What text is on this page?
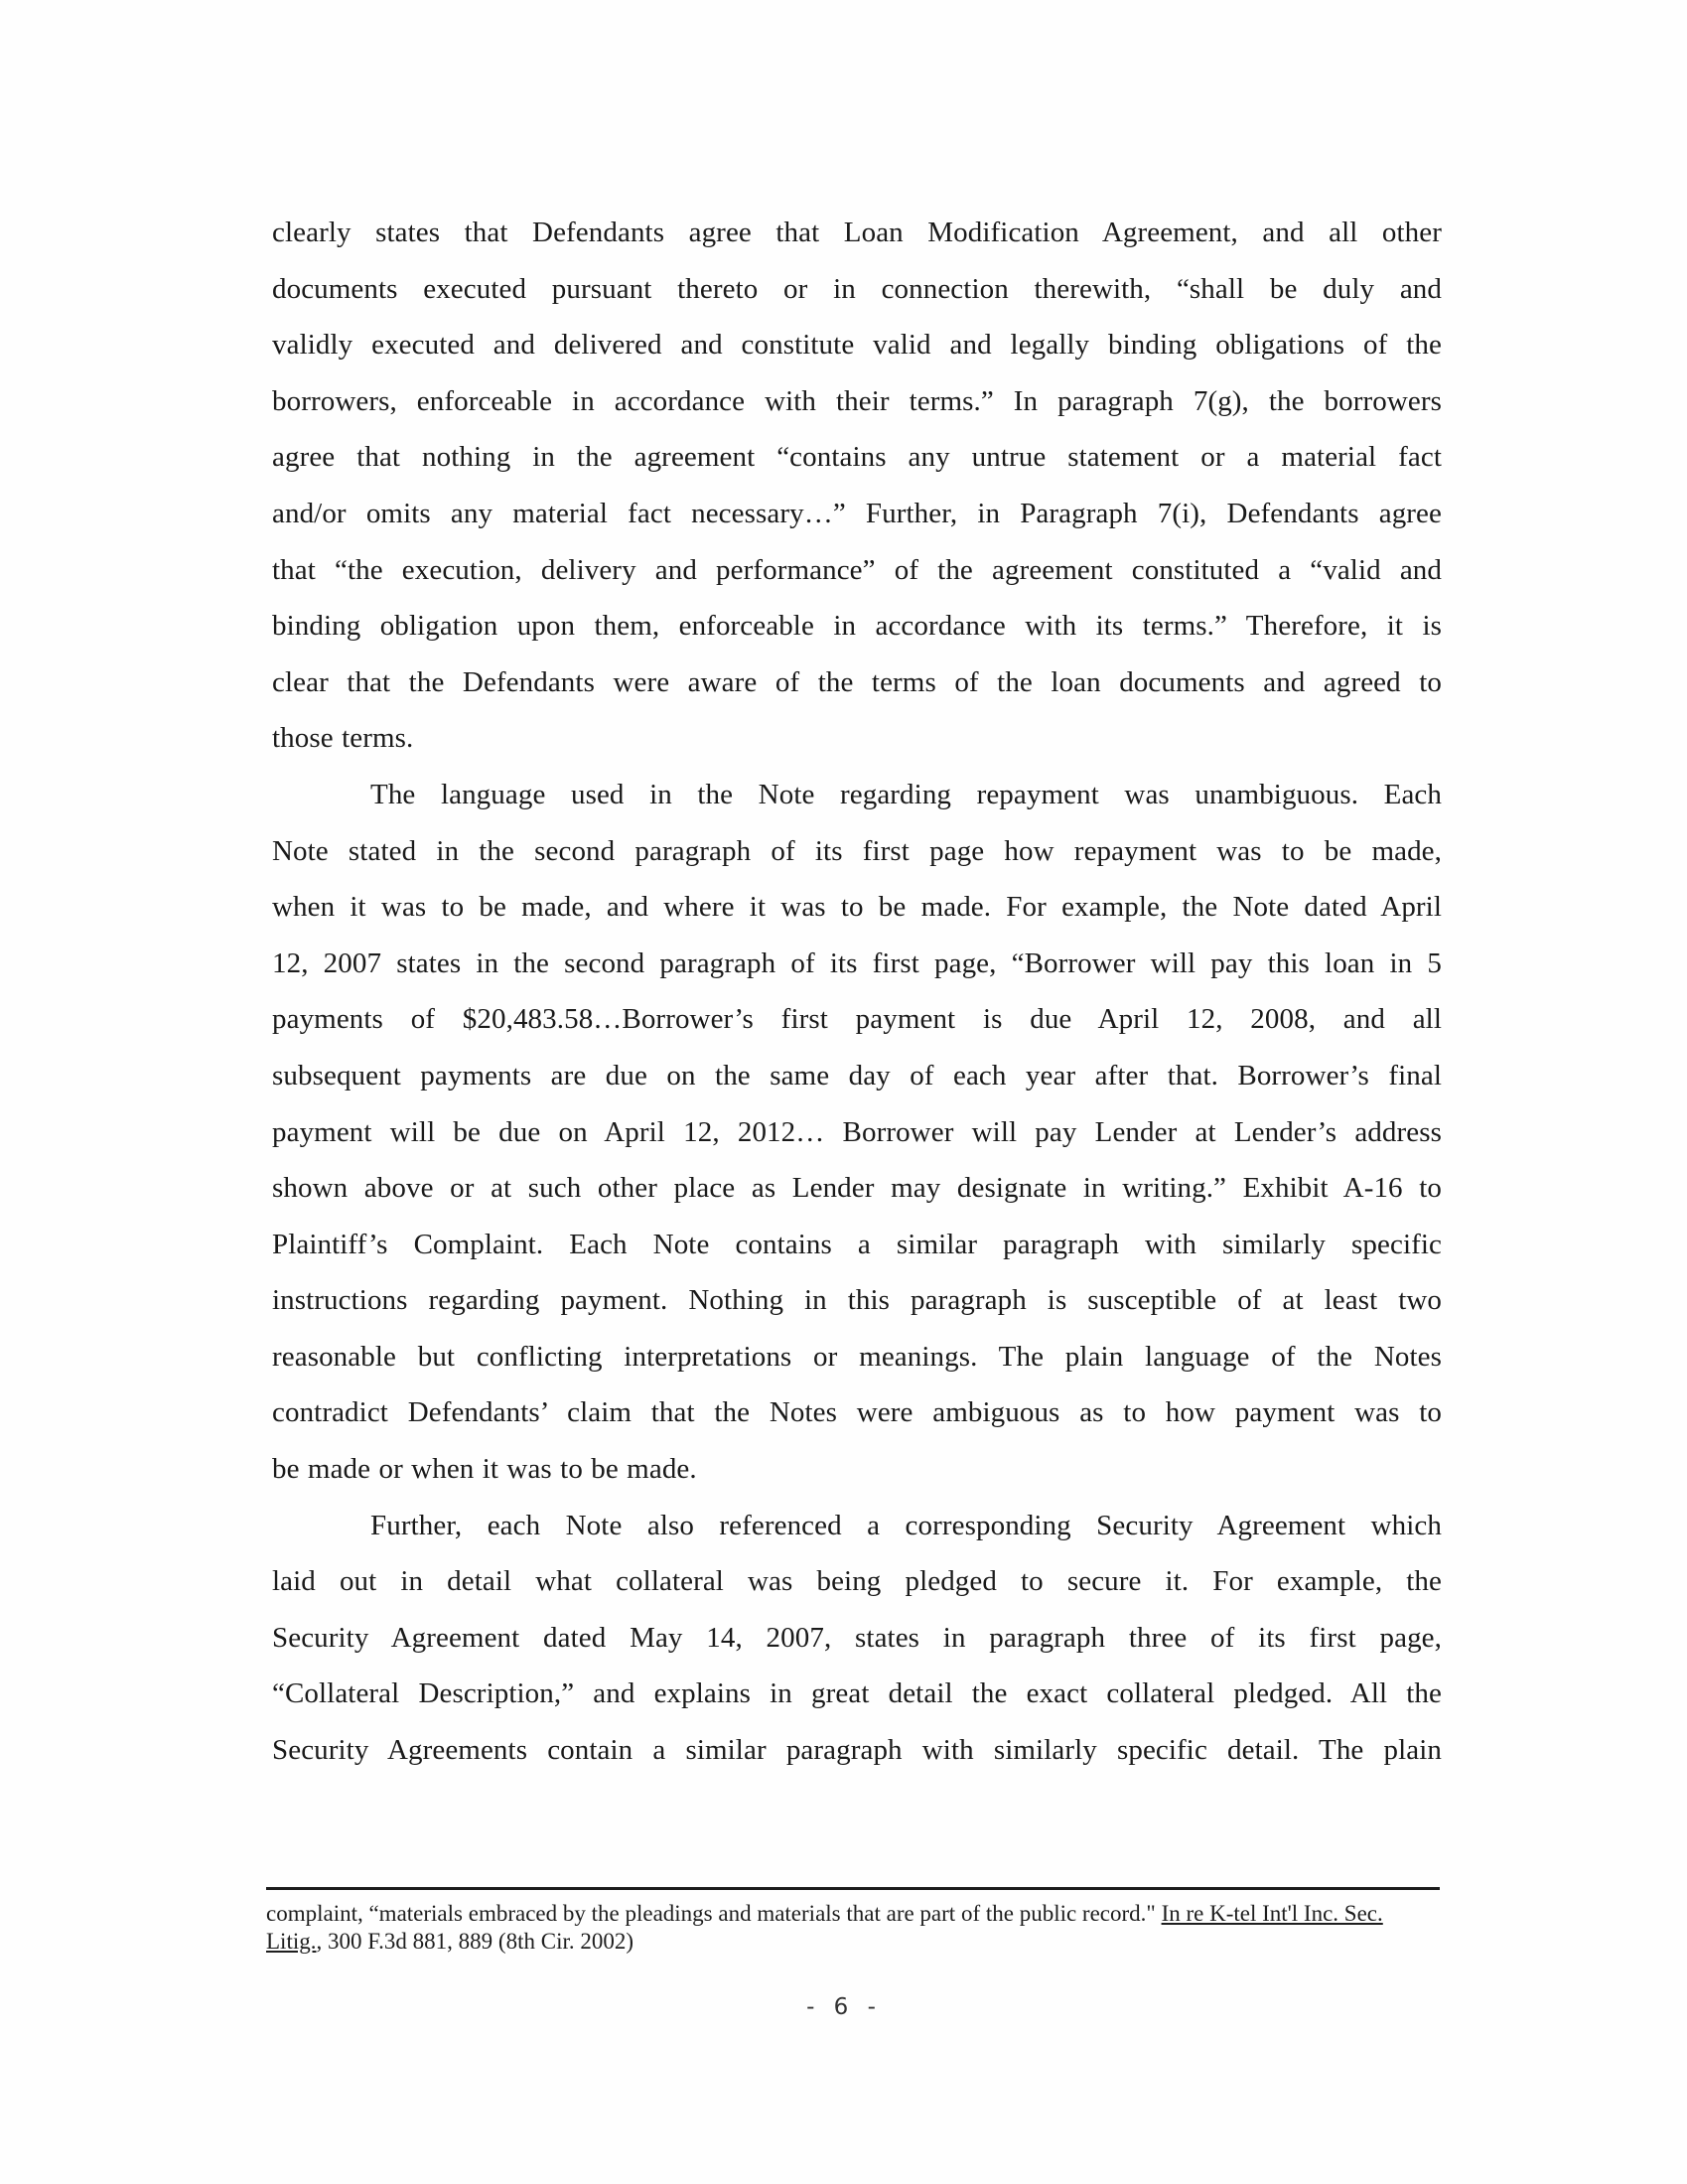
clearly states that Defendants agree that Loan Modification Agreement, and all other
documents executed pursuant thereto or in connection therewith, “shall be duly and
validly executed and delivered and constitute valid and legally binding obligations of the
borrowers, enforceable in accordance with their terms.” In paragraph 7(g), the borrowers
agree that nothing in the agreement “contains any untrue statement or a material fact
and/or omits any material fact necessary…” Further, in Paragraph 7(i), Defendants agree
that “the execution, delivery and performance” of the agreement constituted a “valid and
binding obligation upon them, enforceable in accordance with its terms.” Therefore, it is
clear that the Defendants were aware of the terms of the loan documents and agreed to
those terms.
The language used in the Note regarding repayment was unambiguous. Each
Note stated in the second paragraph of its first page how repayment was to be made,
when it was to be made, and where it was to be made. For example, the Note dated April
12, 2007 states in the second paragraph of its first page, “Borrower will pay this loan in 5
payments of $20,483.58…Borrower’s first payment is due April 12, 2008, and all
subsequent payments are due on the same day of each year after that. Borrower’s final
payment will be due on April 12, 2012… Borrower will pay Lender at Lender’s address
shown above or at such other place as Lender may designate in writing.” Exhibit A-16 to
Plaintiff’s Complaint. Each Note contains a similar paragraph with similarly specific
instructions regarding payment. Nothing in this paragraph is susceptible of at least two
reasonable but conflicting interpretations or meanings. The plain language of the Notes
contradict Defendants’ claim that the Notes were ambiguous as to how payment was to
be made or when it was to be made.
Further, each Note also referenced a corresponding Security Agreement which
laid out in detail what collateral was being pledged to secure it. For example, the
Security Agreement dated May 14, 2007, states in paragraph three of its first page,
“Collateral Description,” and explains in great detail the exact collateral pledged. All the
Security Agreements contain a similar paragraph with similarly specific detail. The plain
complaint, “materials embraced by the pleadings and materials that are part of the public record." In re K-tel Int'l Inc. Sec. Litig., 300 F.3d 881, 889 (8th Cir. 2002)
- 6 -
